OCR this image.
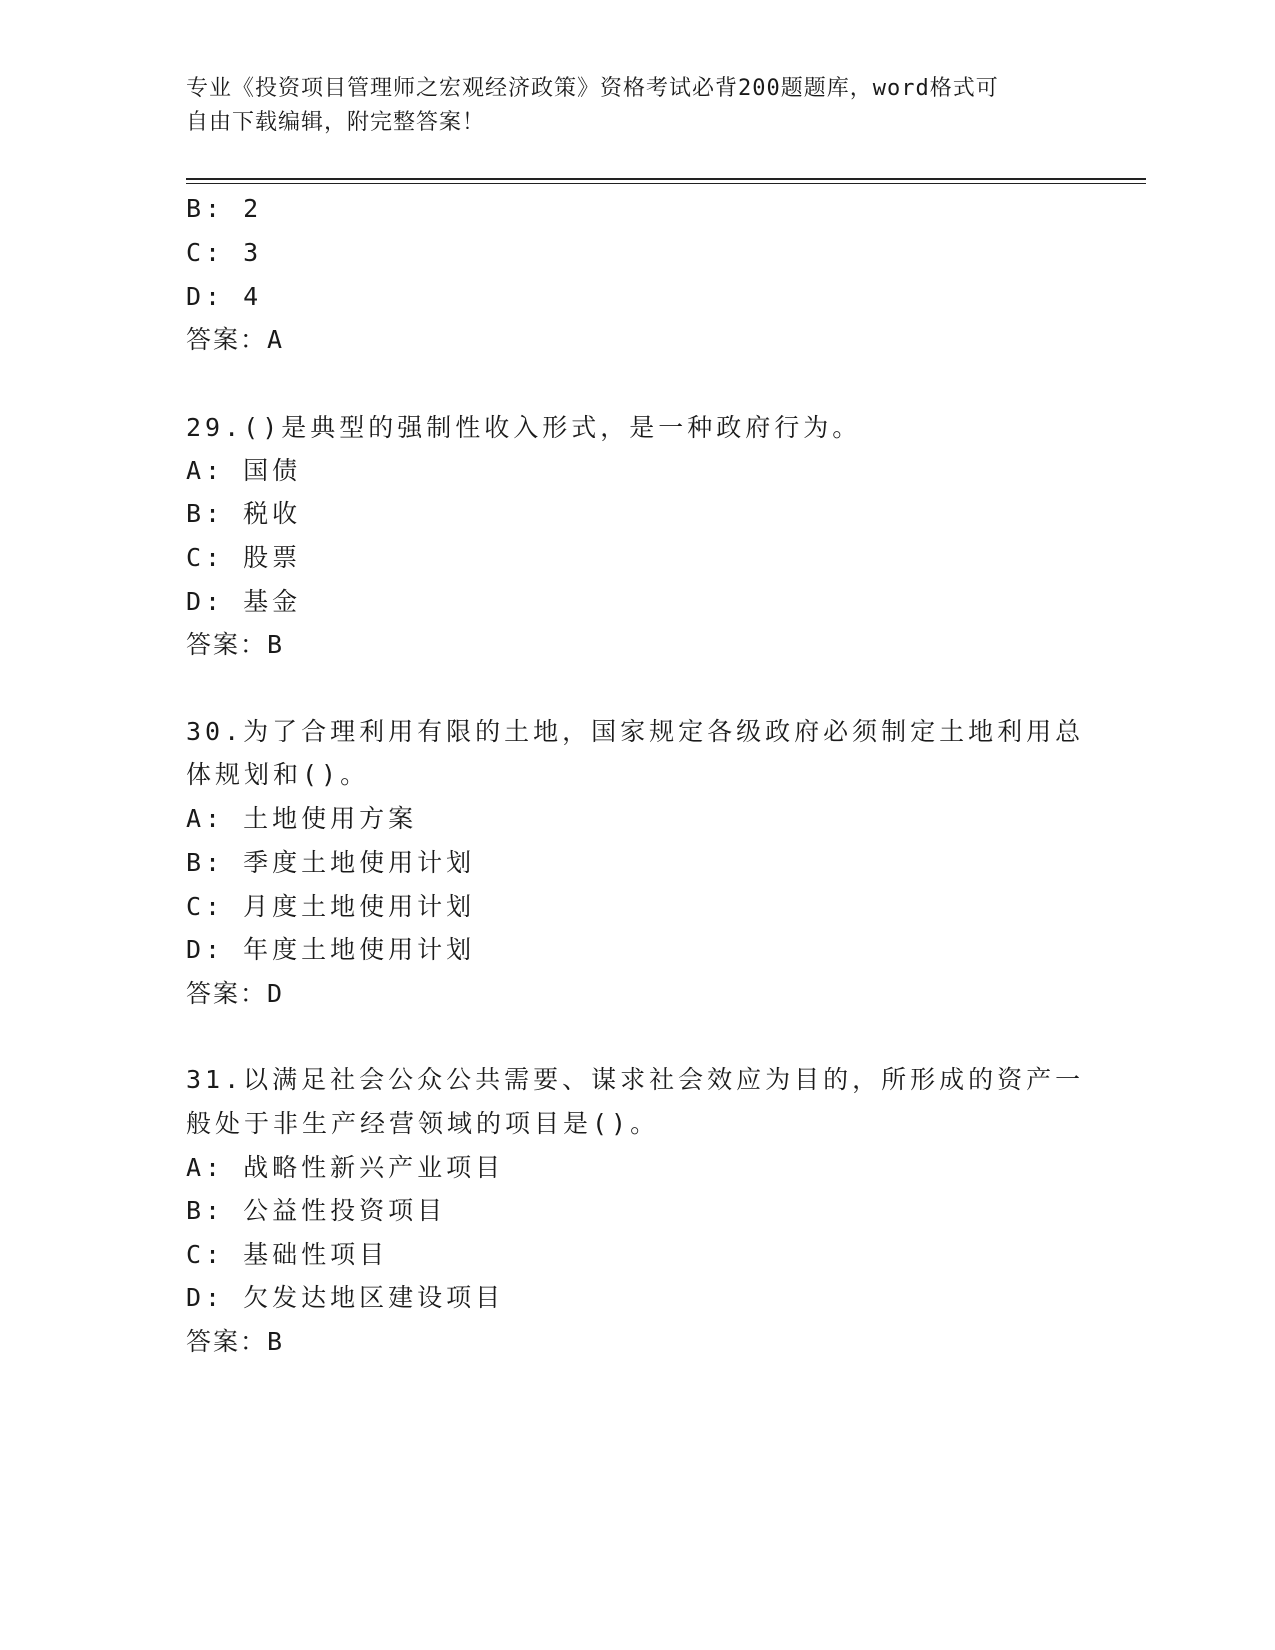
专业《投资项目管理师之宏观经济政策》资格考试必背200题题库，word格式可
自由下载编辑，附完整答案！
B: 2
C: 3
D: 4
答案：A
29.()是典型的强制性收入形式，是一种政府行为。
A: 国债
B: 税收
C: 股票
D: 基金
答案：B
30.为了合理利用有限的土地，国家规定各级政府必须制定土地利用总
体规划和()。
A: 土地使用方案
B: 季度土地使用计划
C: 月度土地使用计划
D: 年度土地使用计划
答案：D
31.以满足社会公众公共需要、谋求社会效应为目的，所形成的资产一
般处于非生产经营领域的项目是()。
A: 战略性新兴产业项目
B: 公益性投资项目
C: 基础性项目
D: 欠发达地区建设项目
答案：B
